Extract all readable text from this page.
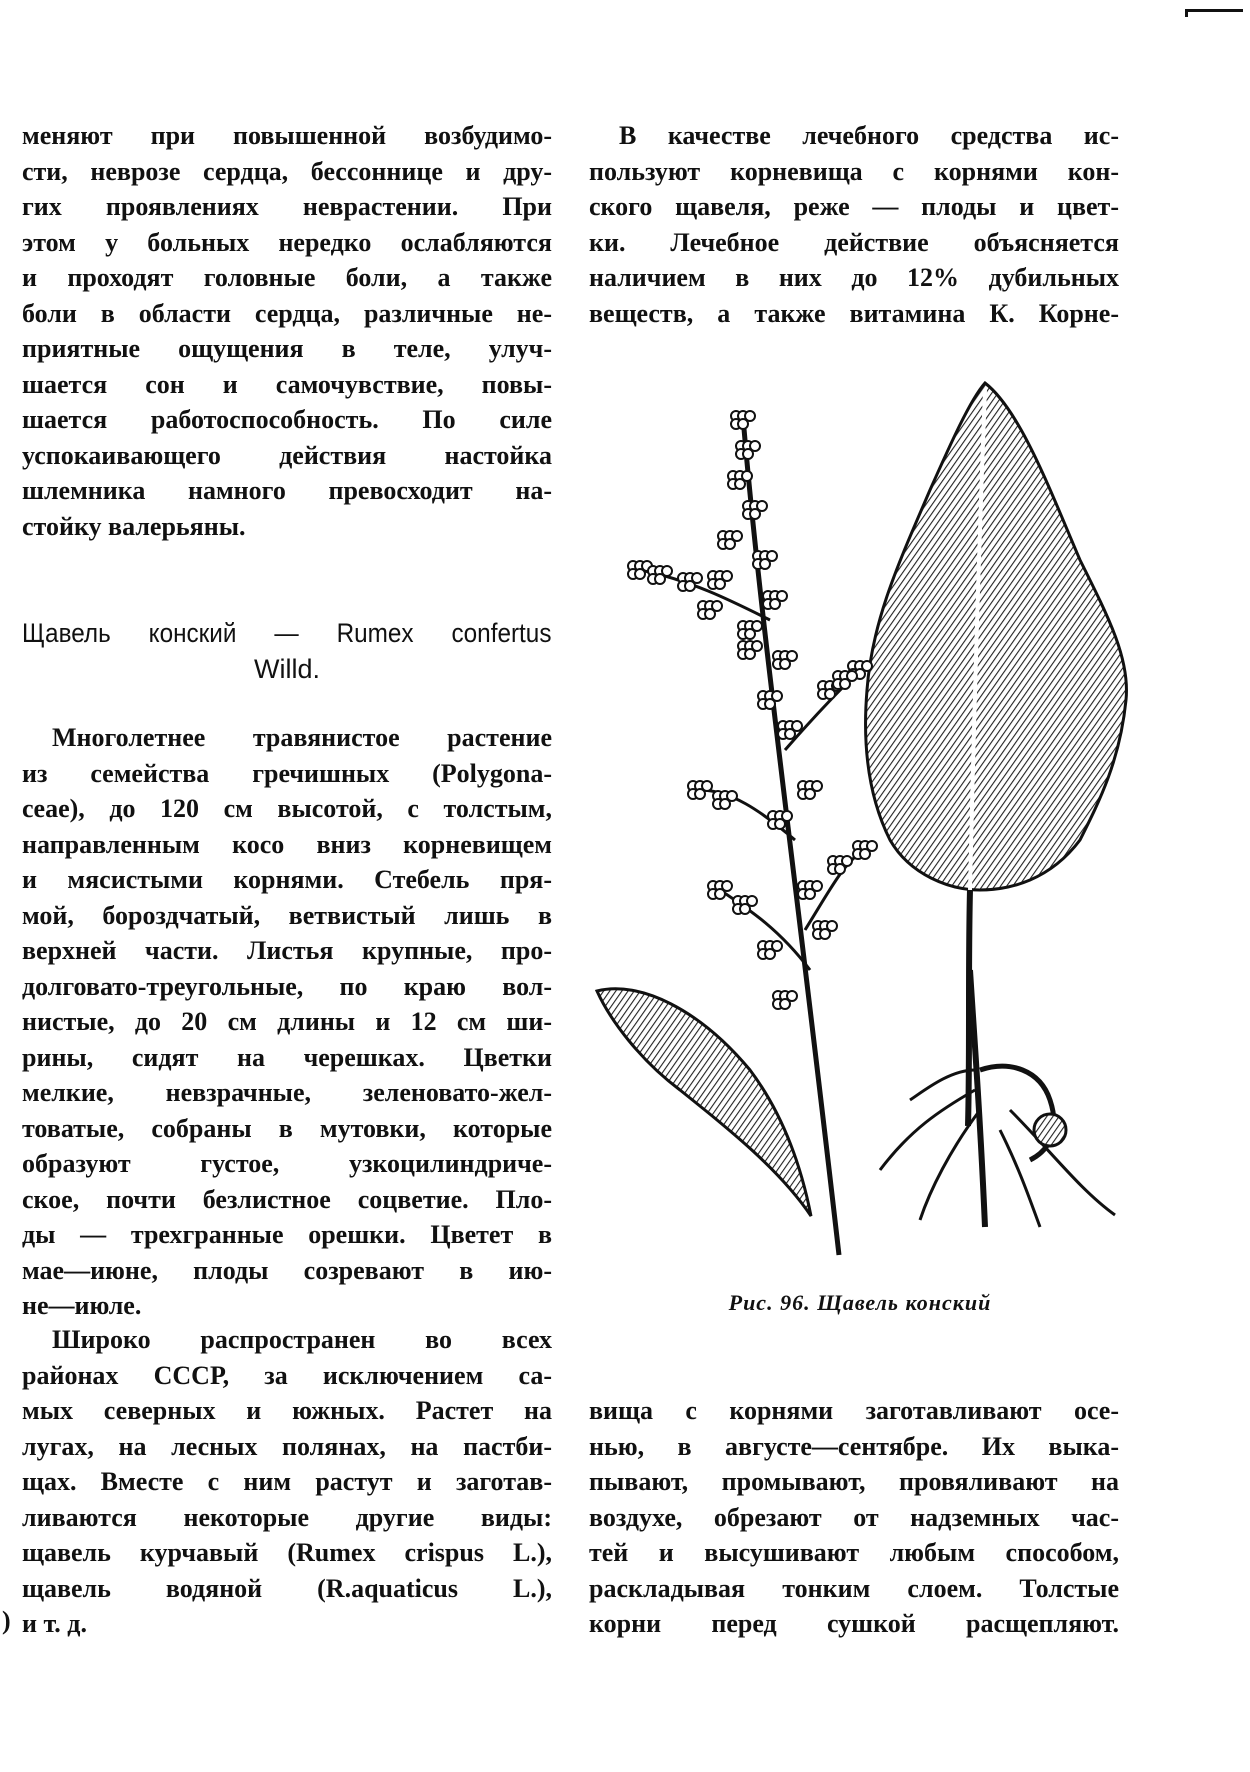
)
меняют при повышенной возбудимо-
сти, неврозе сердца, бессоннице и дру-
гих проявлениях неврастении. При
этом у больных нередко ослабляются
и проходят головные боли, а также
боли в области сердца, различные не-
приятные ощущения в теле, улуч-
шается сон и самочувствие, повы-
шается работоспособность. По силе
успокаивающего действия настойка
шлемника намного превосходит на-
стойку валерьяны.
Щавель конский — Rumex confertus
Willd.
Многолетнее травянистое растение
из семейства гречишных (Polygona-
ceae), до 120 см высотой, с толстым,
направленным косо вниз корневищем
и мясистыми корнями. Стебель пря-
мой, бороздчатый, ветвистый лишь в
верхней части. Листья крупные, про-
долговато-треугольные, по краю вол-
нистые, до 20 см длины и 12 см ши-
рины, сидят на черешках. Цветки
мелкие, невзрачные, зеленовато-жел-
товатые, собраны в мутовки, которые
образуют густое, узкоцилиндриче-
ское, почти безлистное соцветие. Пло-
ды — трехгранные орешки. Цветет в
мае—июне, плоды созревают в ию-
не—июле.
Широко распространен во всех
районах СССР, за исключением са-
мых северных и южных. Растет на
лугах, на лесных полянах, на пастби-
щах. Вместе с ним растут и заготав-
ливаются некоторые другие виды:
щавель курчавый (Rumex crispus L.),
щавель водяной (R.aquaticus L.),
и т. д.
В качестве лечебного средства ис-
пользуют корневища с корнями кон-
ского щавеля, реже — плоды и цвет-
ки. Лечебное действие объясняется
наличием в них до 12% дубильных
веществ, а также витамина К. Корне-
Рис. 96. Щавель конский
вища с корнями заготавливают осе-
нью, в августе—сентябре. Их выка-
пывают, промывают, провяливают на
воздухе, обрезают от надземных час-
тей и высушивают любым способом,
раскладывая тонким слоем. Толстые
корни перед сушкой расщепляют.
